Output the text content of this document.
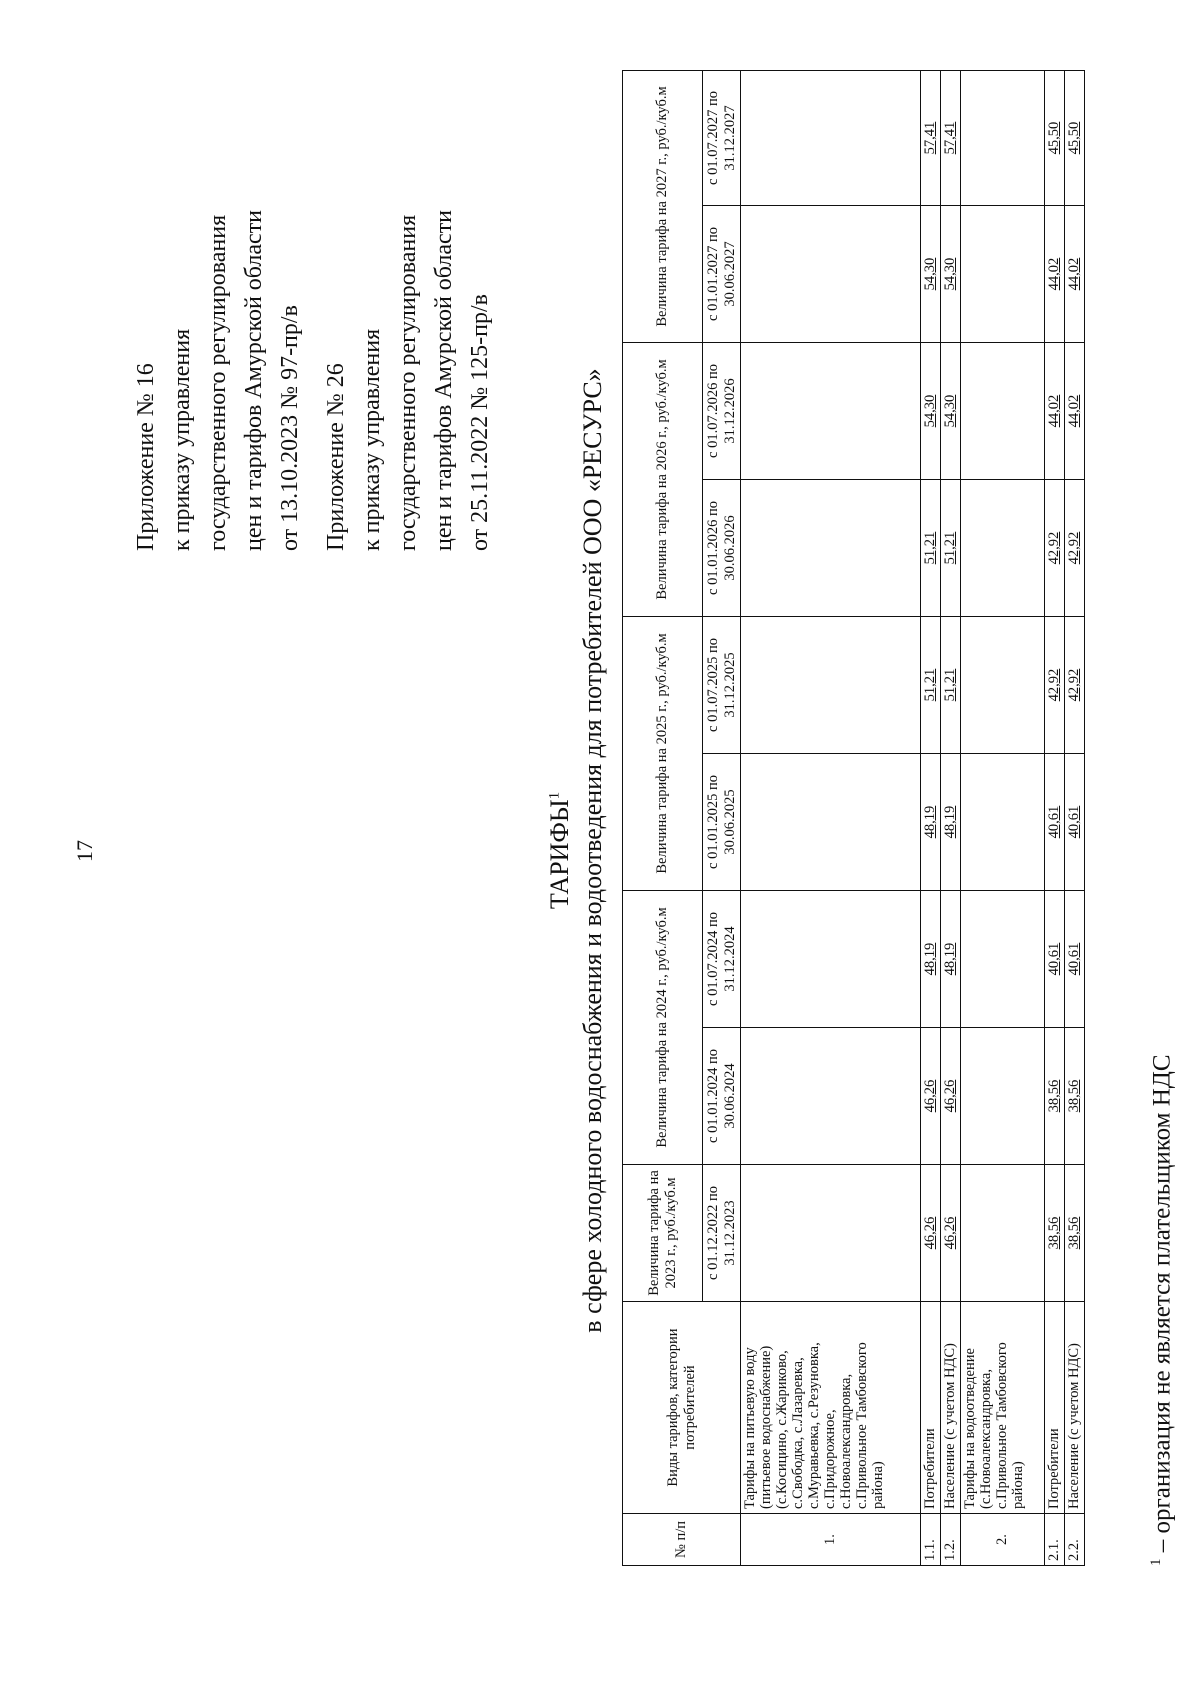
17
Приложение № 16 к приказу управления государственного регулирования цен и тарифов Амурской области от 13.10.2023 № 97-пр/в Приложение № 26 к приказу управления государственного регулирования цен и тарифов Амурской области от 25.11.2022 № 125-пр/в
ТАРИФЫ$^1$ в сфере холодного водоснабжения и водоотведения для потребителей ООО «РЕСУРС»
№ п/п	Виды тарифов, категории потребителей	Величина тарифа на 2023 г., руб./куб.м	Величина тарифа на 2024 г., руб./куб.м		Величина тарифа на 2025 г., руб./куб.м		Величина тарифа на 2026 г., руб./куб.м		Величина тарифа на 2027 г., руб./куб.м	
		с 01.12.2022 по 31.12.2023	с 01.01.2024 по 30.06.2024	с 01.07.2024 по 31.12.2024	с 01.01.2025 по 30.06.2025	с 01.07.2025 по 31.12.2025	с 01.01.2026 по 30.06.2026	с 01.07.2026 по 31.12.2026	с 01.01.2027 по 30.06.2027	с 01.07.2027 по 31.12.2027
1.	Тарифы на питьевую воду (питьевое водоснабжение) (с.Косицино, с.Жариково, с.Свободка, с.Лазаревка, с.Муравьевка, с.Резуновка, с.Придорожное, с.Новоалександровка, с.Привольное Тамбовского района)									
1.1.	Потребители	46,26	46,26	48,19	48,19	51,21	51,21	54,30	54,30	57,41
1.2.	Население (с учетом НДС)	46,26	46,26	48,19	48,19	51,21	51,21	54,30	54,30	57,41
2.	Тарифы на водоотведение (с.Новоалександровка, с.Привольное Тамбовского района)									
2.1.	Потребители	38,56	38,56	40,61	40,61	42,92	42,92	44,02	44,02	45,50
2.2.	Население (с учетом НДС)	38,56	38,56	40,61	40,61	42,92	42,92	44,02	44,02	45,50
$^1$ – организация не является плательщиком НДС
